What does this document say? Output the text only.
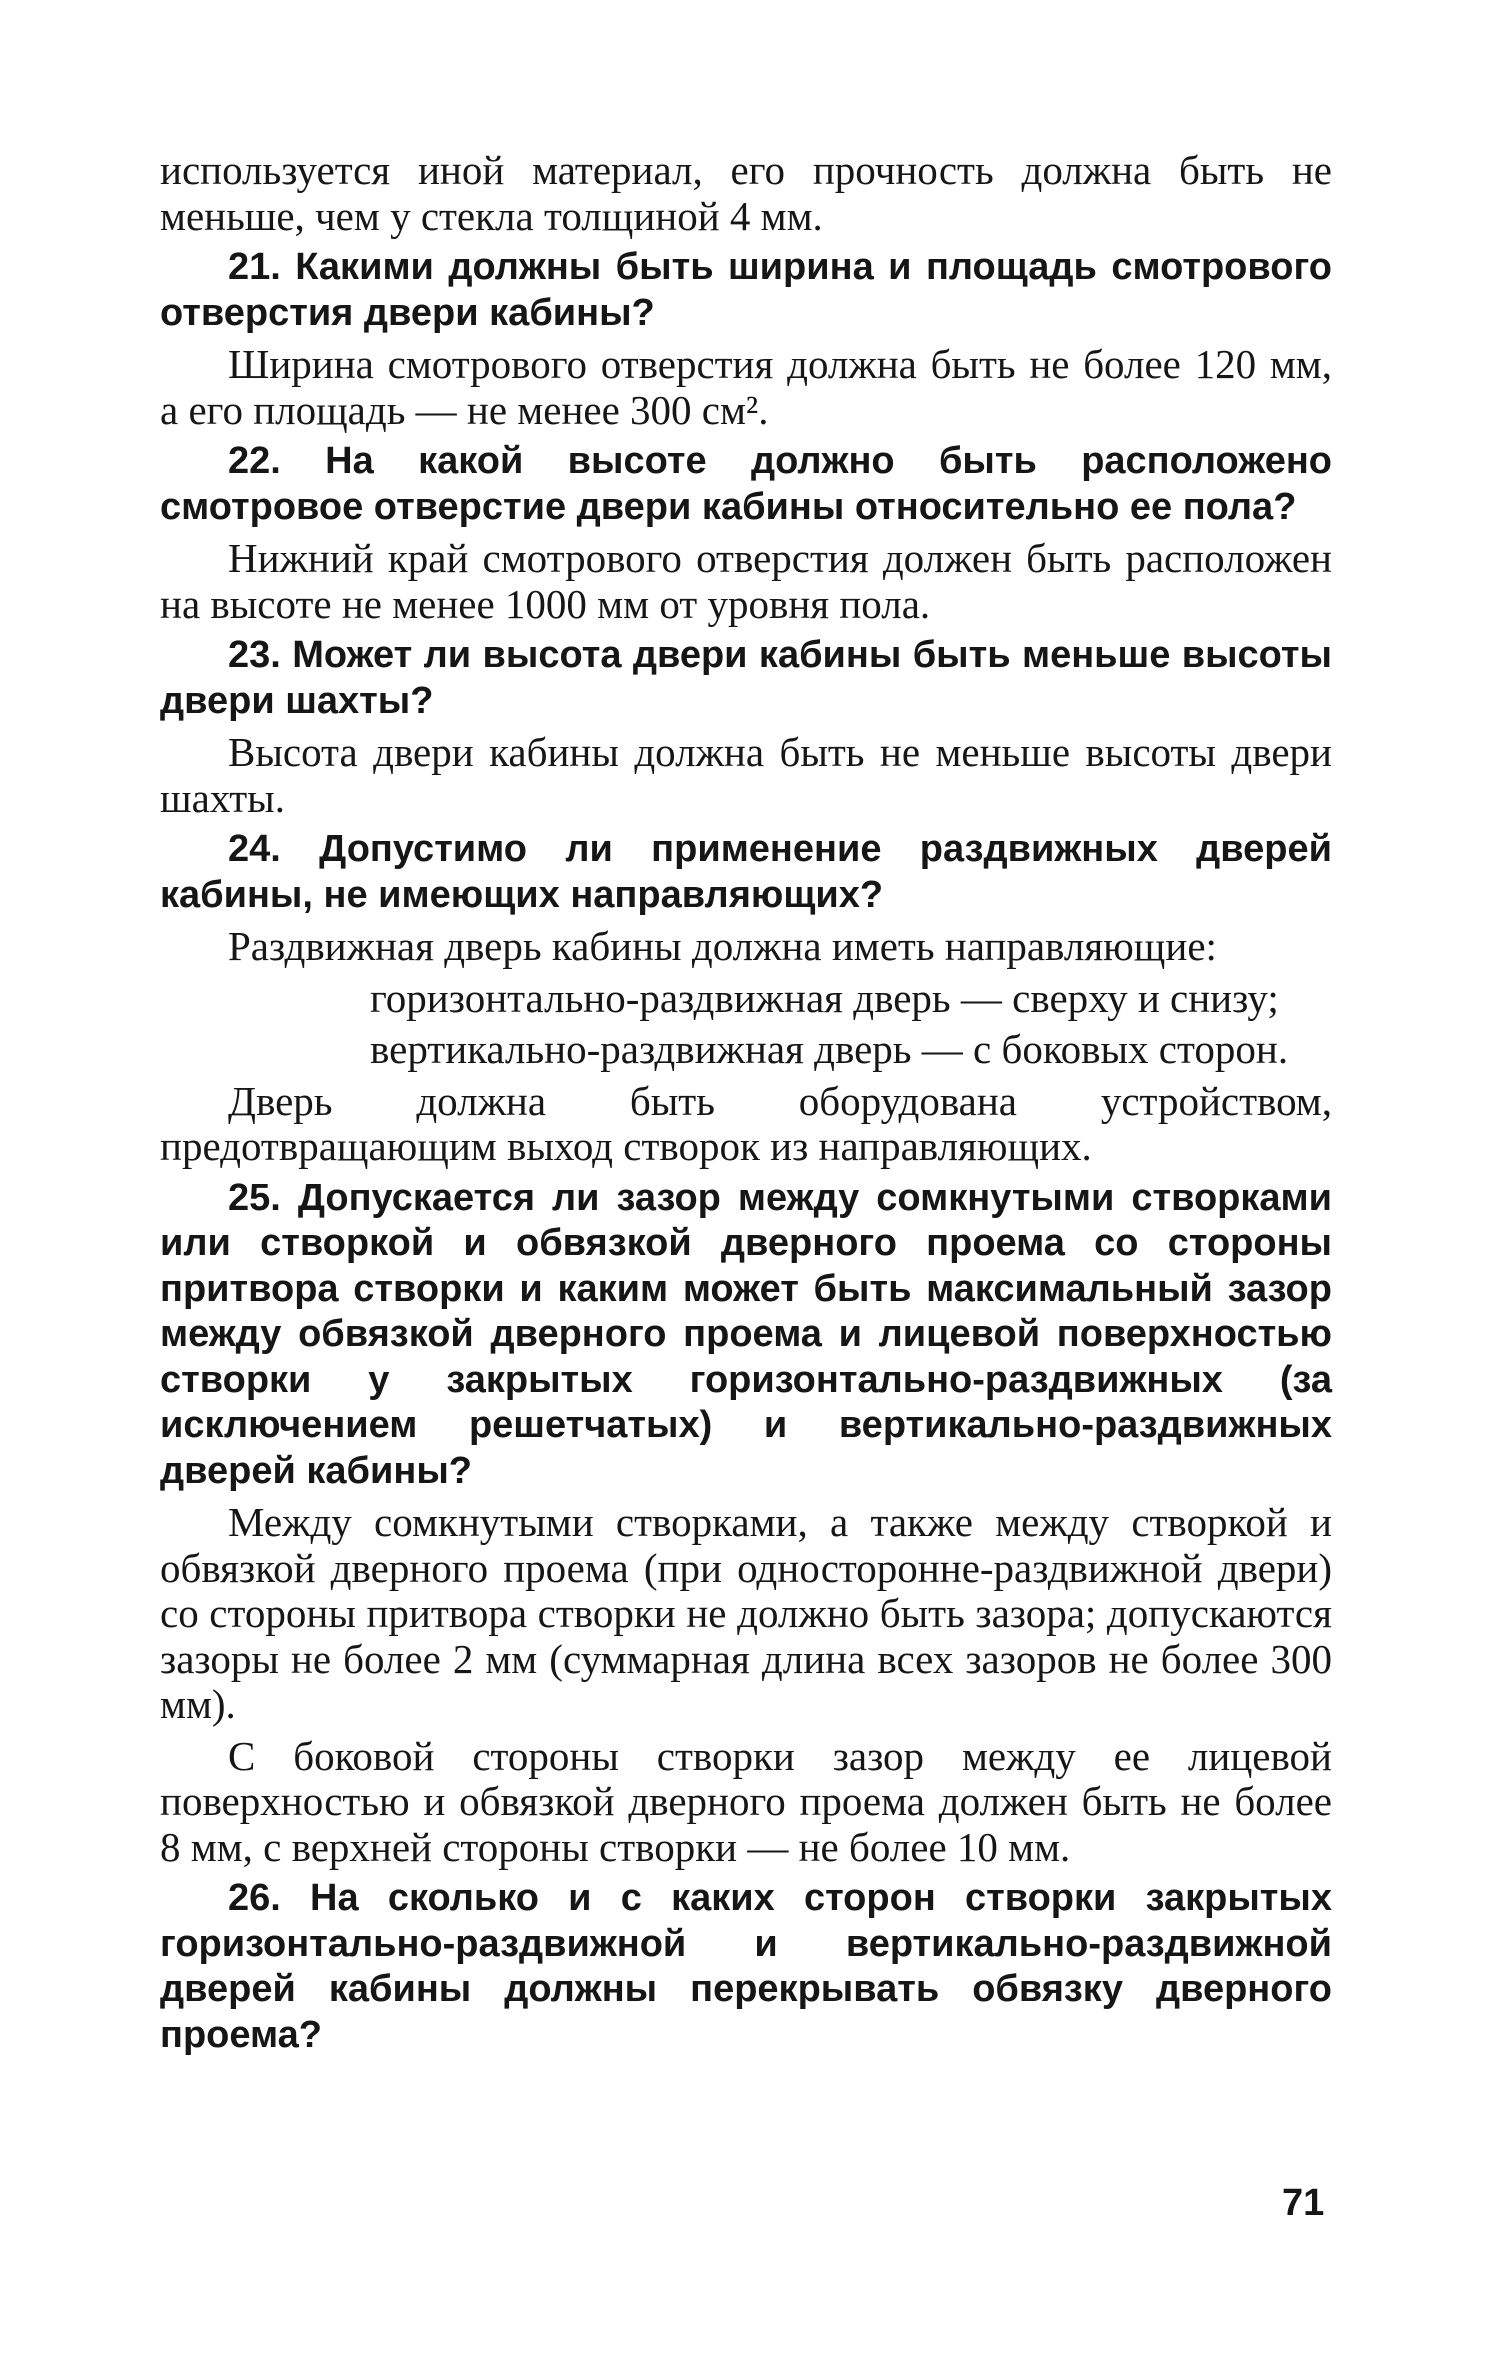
используется иной материал, его прочность должна быть не меньше, чем у стекла толщиной 4 мм.

21. Какими должны быть ширина и площадь смотрового отверстия двери кабины?

Ширина смотрового отверстия должна быть не более 120 мм, а его площадь — не менее 300 см².

22. На какой высоте должно быть расположено смотровое отверстие двери кабины относительно ее пола?

Нижний край смотрового отверстия должен быть расположен на высоте не менее 1000 мм от уровня пола.

23. Может ли высота двери кабины быть меньше высоты двери шахты?

Высота двери кабины должна быть не меньше высоты двери шахты.

24. Допустимо ли применение раздвижных дверей кабины, не имеющих направляющих?

Раздвижная дверь кабины должна иметь направляющие:

горизонтально-раздвижная дверь — сверху и снизу;

вертикально-раздвижная дверь — с боковых сторон.

Дверь должна быть оборудована устройством, предотвращающим выход створок из направляющих.

25. Допускается ли зазор между сомкнутыми створками или створкой и обвязкой дверного проема со стороны притвора створки и каким может быть максимальный зазор между обвязкой дверного проема и лицевой поверхностью створки у закрытых горизонтально-раздвижных (за исключением решетчатых) и вертикально-раздвижных дверей кабины?

Между сомкнутыми створками, а также между створкой и обвязкой дверного проема (при односторонне-раздвижной двери) со стороны притвора створки не должно быть зазора; допускаются зазоры не более 2 мм (суммарная длина всех зазоров не более 300 мм).

С боковой стороны створки зазор между ее лицевой поверхностью и обвязкой дверного проема должен быть не более 8 мм, с верхней стороны створки — не более 10 мм.

26. На сколько и с каких сторон створки закрытых горизонтально-раздвижной и вертикально-раздвижной дверей кабины должны перекрывать обвязку дверного проема?

71
